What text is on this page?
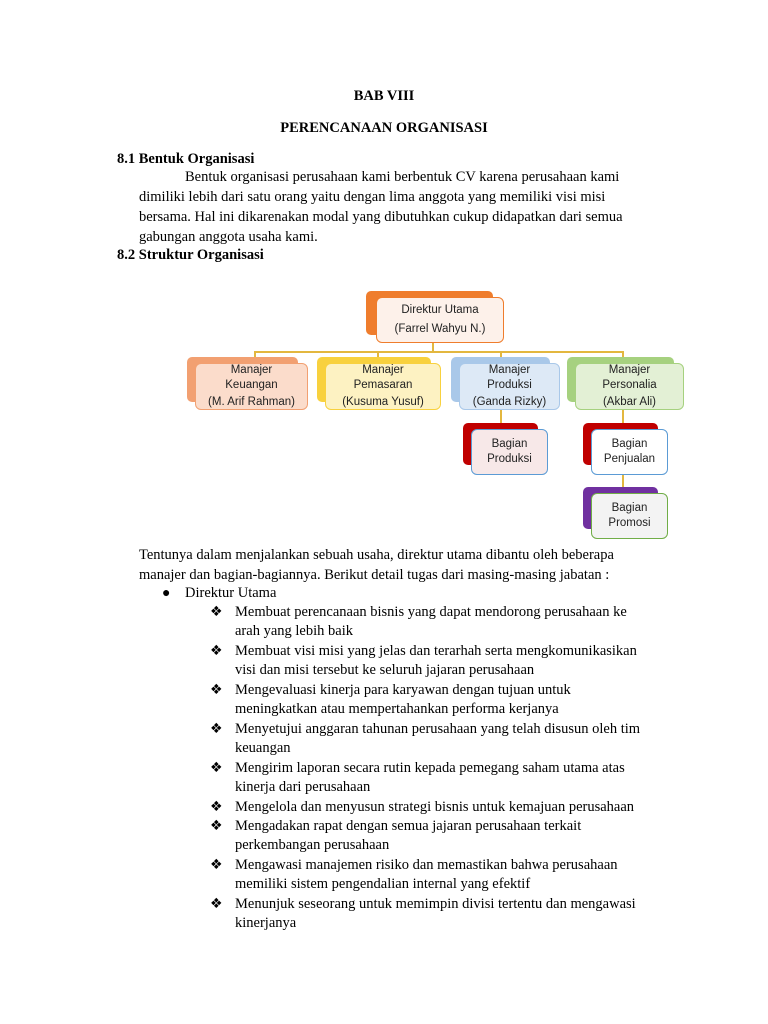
BAB VIII
PERENCANAAN ORGANISASI
8.1 Bentuk Organisasi
Bentuk organisasi perusahaan kami berbentuk CV karena perusahaan kami
dimiliki lebih dari satu orang yaitu dengan lima anggota yang memiliki visi misi
bersama. Hal ini dikarenakan modal yang dibutuhkan cukup didapatkan dari semua
gabungan anggota usaha kami.
8.2 Struktur Organisasi
Direktur Utama
(Farrel Wahyu N.)
Manajer
Keuangan
(M. Arif Rahman)
Manajer
Pemasaran
(Kusuma Yusuf)
Manajer
Produksi
(Ganda Rizky)
Manajer
Personalia
(Akbar Ali)
Bagian
Produksi
Bagian
Penjualan
Bagian
Promosi
Tentunya dalam menjalankan sebuah usaha, direktur utama dibantu oleh beberapa
manajer dan bagian-bagiannya. Berikut detail tugas dari masing-masing jabatan :
● Direktur Utama
❖ Membuat perencanaan bisnis yang dapat mendorong perusahaan ke
arah yang lebih baik
❖ Membuat visi misi yang jelas dan terarhah serta mengkomunikasikan
visi dan misi tersebut ke seluruh jajaran perusahaan
❖ Mengevaluasi kinerja para karyawan dengan tujuan untuk
meningkatkan atau mempertahankan performa kerjanya
❖ Menyetujui anggaran tahunan perusahaan yang telah disusun oleh tim
keuangan
❖ Mengirim laporan secara rutin kepada pemegang saham utama atas
kinerja dari perusahaan
❖ Mengelola dan menyusun strategi bisnis untuk kemajuan perusahaan
❖ Mengadakan rapat dengan semua jajaran perusahaan terkait
perkembangan perusahaan
❖ Mengawasi manajemen risiko dan memastikan bahwa perusahaan
memiliki sistem pengendalian internal yang efektif
❖ Menunjuk seseorang untuk memimpin divisi tertentu dan mengawasi
kinerjanya
